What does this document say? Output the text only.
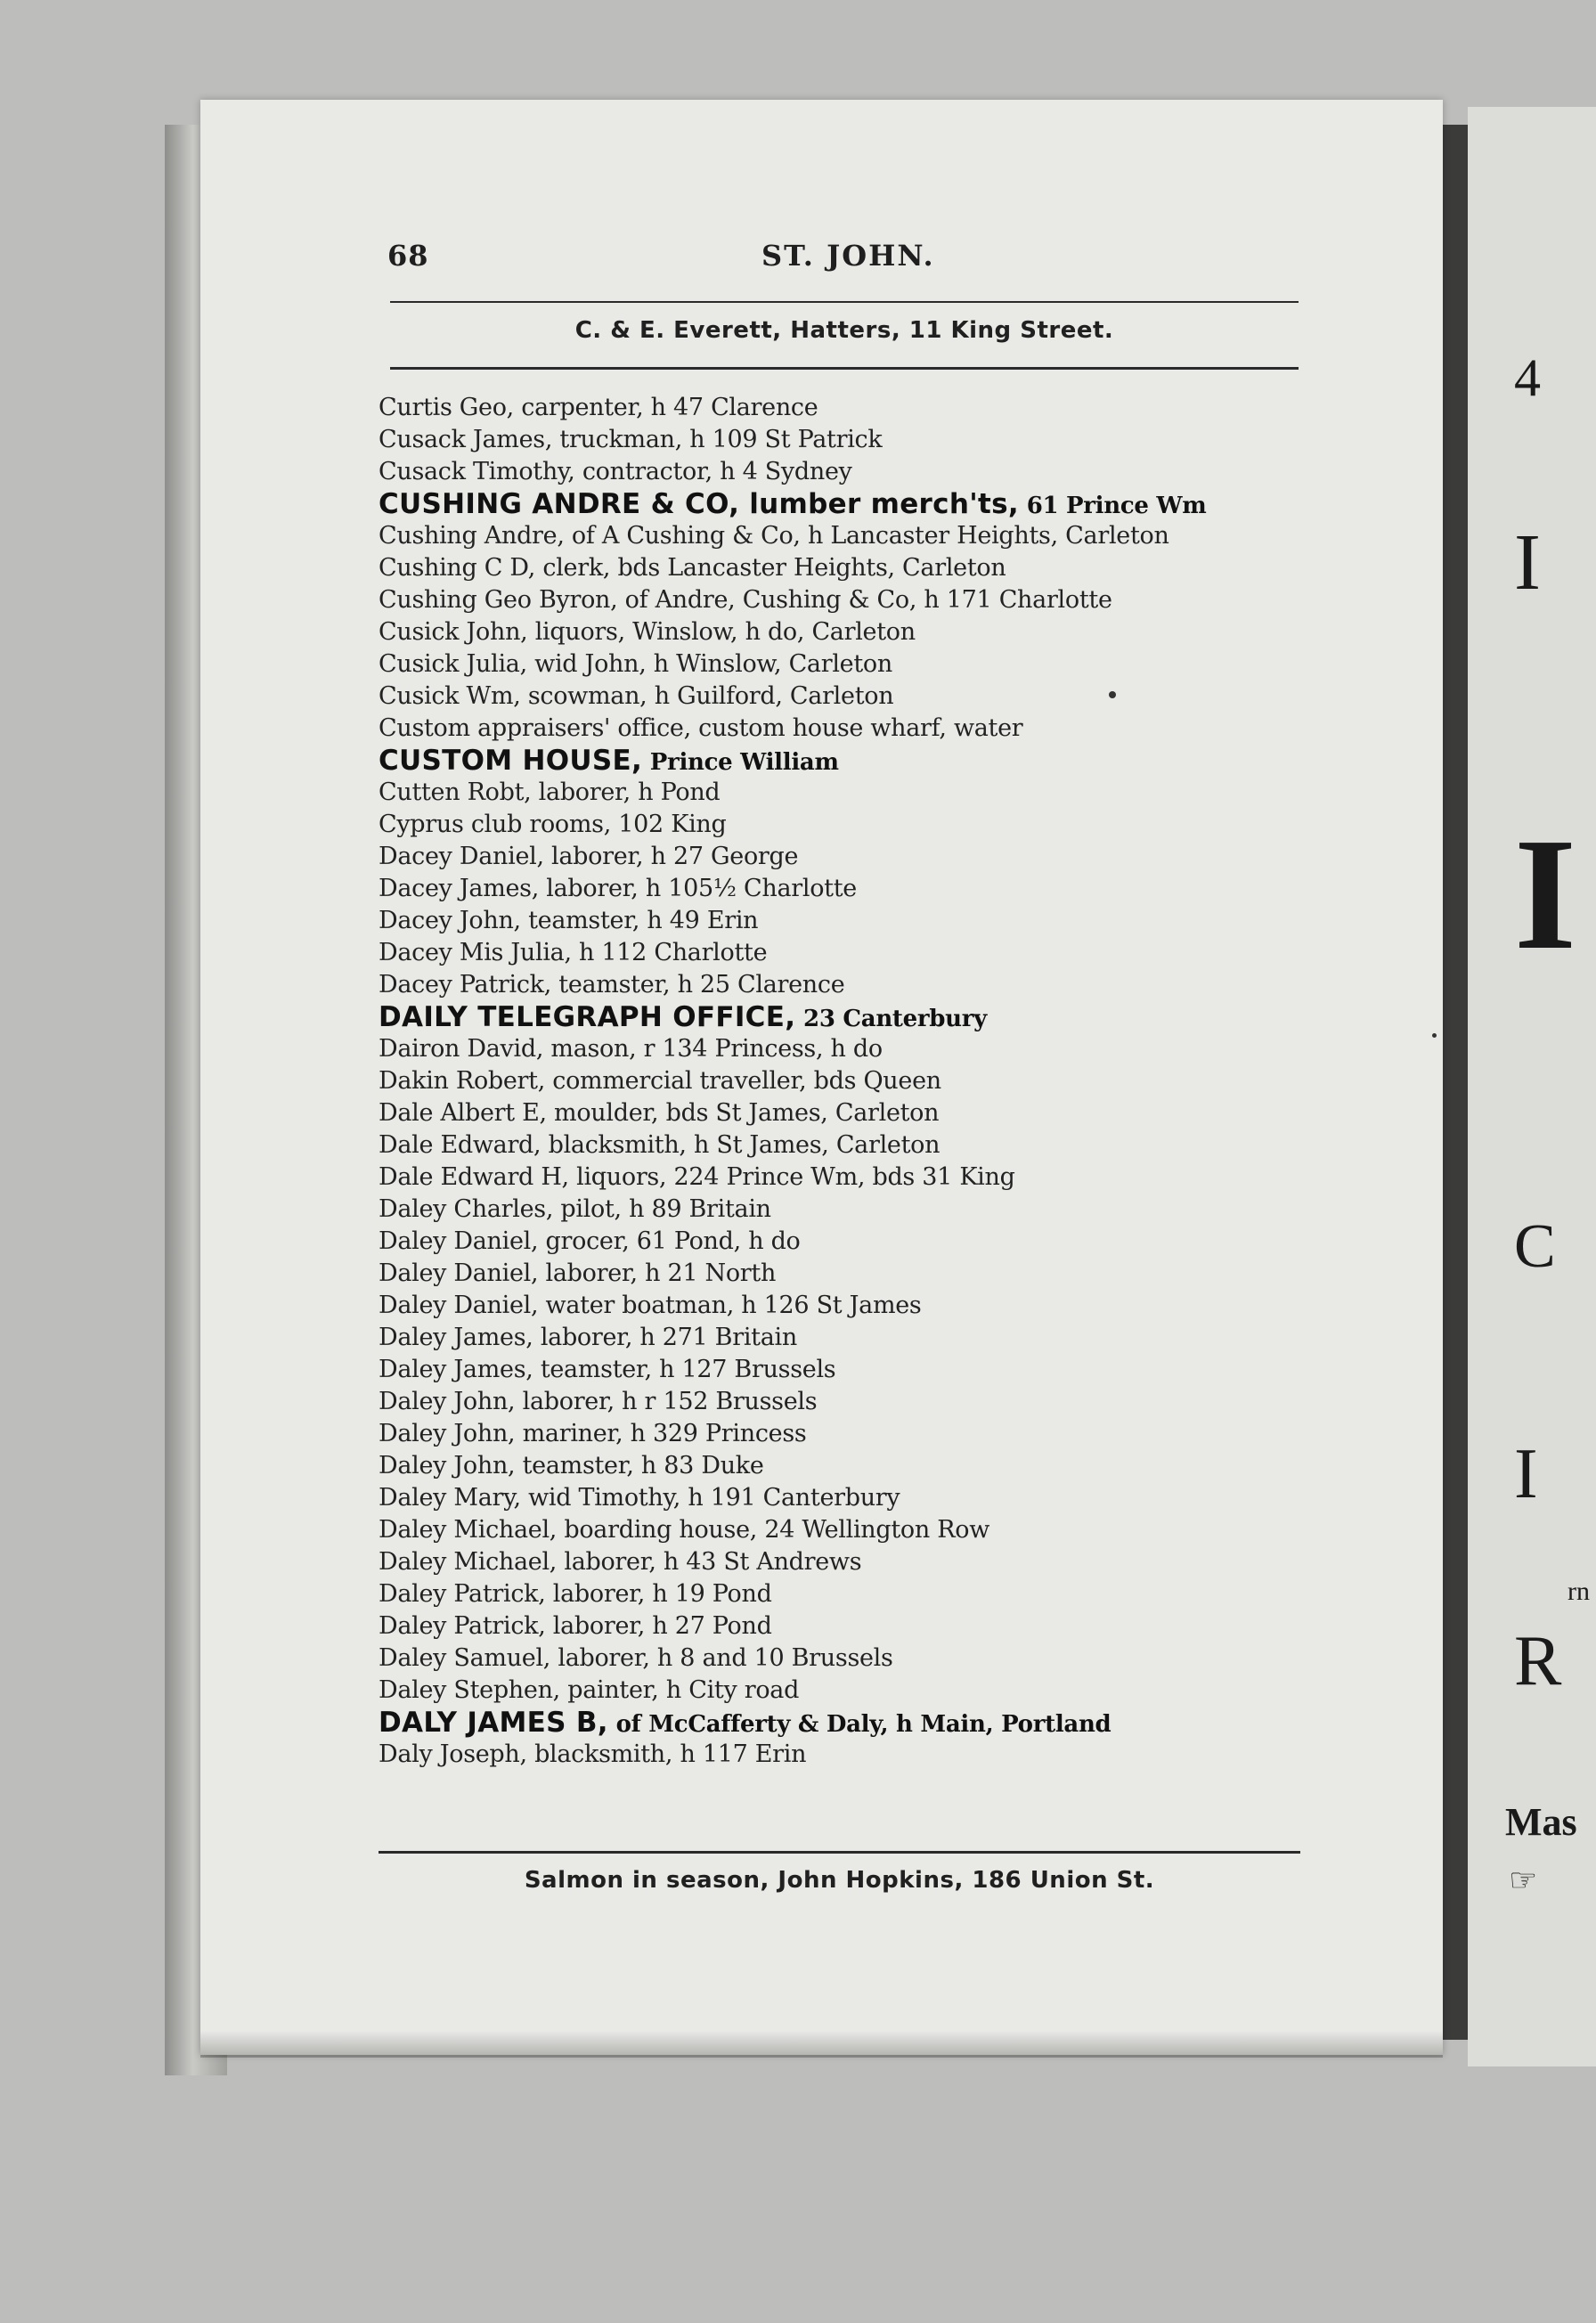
4
I
I
C
I
rn
R
Mas
☞
68	ST. JOHN.
C. & E. Everett, Hatters, 11 King Street.
Curtis Geo, carpenter, h 47 Clarence
Cusack James, truckman, h 109 St Patrick
Cusack Timothy, contractor, h 4 Sydney
CUSHING ANDRE & CO, lumber merch'ts, 61 Prince Wm
Cushing Andre, of A Cushing & Co, h Lancaster Heights, Carleton
Cushing C D, clerk, bds Lancaster Heights, Carleton
Cushing Geo Byron, of Andre, Cushing & Co, h 171 Charlotte
Cusick John, liquors, Winslow, h do, Carleton
Cusick Julia, wid John, h Winslow, Carleton
Cusick Wm, scowman, h Guilford, Carleton
Custom appraisers' office, custom house wharf, water
CUSTOM HOUSE, Prince William
Cutten Robt, laborer, h Pond
Cyprus club rooms, 102 King
Dacey Daniel, laborer, h 27 George
Dacey James, laborer, h 105½ Charlotte
Dacey John, teamster, h 49 Erin
Dacey Mis Julia, h 112 Charlotte
Dacey Patrick, teamster, h 25 Clarence
DAILY TELEGRAPH OFFICE, 23 Canterbury
Dairon David, mason, r 134 Princess, h do
Dakin Robert, commercial traveller, bds Queen
Dale Albert E, moulder, bds St James, Carleton
Dale Edward, blacksmith, h St James, Carleton
Dale Edward H, liquors, 224 Prince Wm, bds 31 King
Daley Charles, pilot, h 89 Britain
Daley Daniel, grocer, 61 Pond, h do
Daley Daniel, laborer, h 21 North
Daley Daniel, water boatman, h 126 St James
Daley James, laborer, h 271 Britain
Daley James, teamster, h 127 Brussels
Daley John, laborer, h r 152 Brussels
Daley John, mariner, h 329 Princess
Daley John, teamster, h 83 Duke
Daley Mary, wid Timothy, h 191 Canterbury
Daley Michael, boarding house, 24 Wellington Row
Daley Michael, laborer, h 43 St Andrews
Daley Patrick, laborer, h 19 Pond
Daley Patrick, laborer, h 27 Pond
Daley Samuel, laborer, h 8 and 10 Brussels
Daley Stephen, painter, h City road
DALY JAMES B, of McCafferty & Daly, h Main, Portland
Daly Joseph, blacksmith, h 117 Erin
Salmon in season, John Hopkins, 186 Union St.
